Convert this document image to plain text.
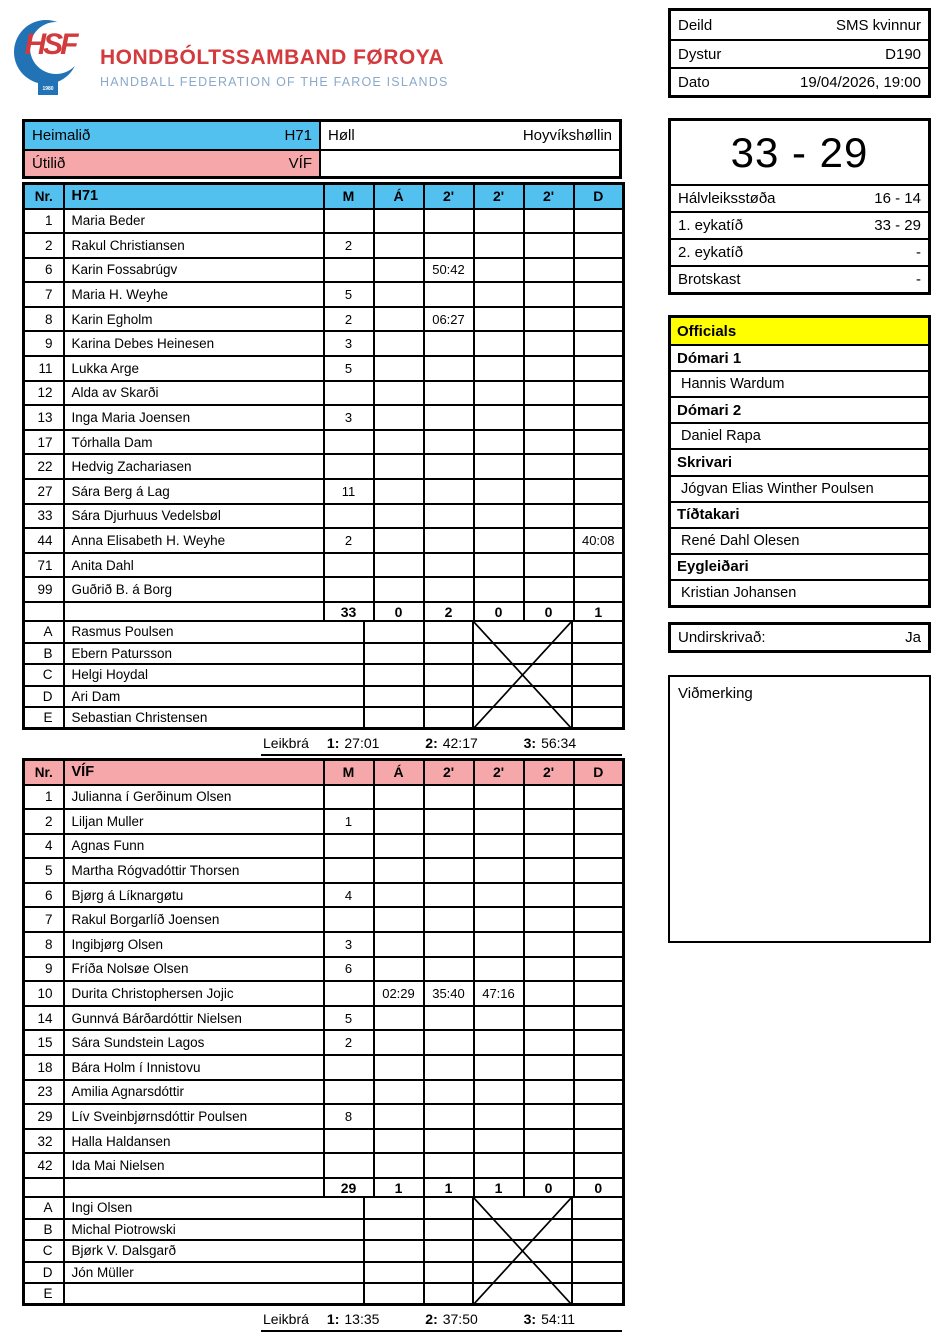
HSF
1980
HONDBÓLTSSAMBAND FØROYA
HANDBALL FEDERATION OF THE FAROE ISLANDS
Deild	SMS kvinnur
Dystur	D190
Dato	19/04/2026, 19:00
Heimalið	H71 Høll	Hoyvíkshøllin
Útilið	VÍF	33 - 29
Hálvleiksstøða	16 - 14
1. eykatíð	33 - 29
2. eykatíð	-
Brotskast	-
Officials
Dómari 1
Hannis Wardum
Dómari 2
Daniel Rapa
Skrivari
Jógvan Elias Winther Poulsen
Tíðtakari
René Dahl Olesen
Eygleiðari
Kristian Johansen
Undirskrivað:	Ja
Viðmerking
Nr.	H71	M	Á	2'	2'	2'	D
1	Maria Beder						
2	Rakul Christiansen	2					
6	Karin Fossabrúgv			50:42			
7	Maria H. Weyhe	5					
8	Karin Egholm	2		06:27			
9	Karina Debes Heinesen	3					
11	Lukka Arge	5					
12	Alda av Skarði						
13	Inga Maria Joensen	3					
17	Tórhalla Dam						
22	Hedvig Zachariasen						
27	Sára Berg á Lag	11					
33	Sára Djurhuus Vedelsbøl						
44	Anna Elisabeth H. Weyhe	2					40:08
71	Anita Dahl						
99	Guðrið B. á Borg						
		33	0	2	0	0	1
A	Rasmus Poulsen				
B	Ebern Patursson				
C	Helgi Hoydal				
D	Ari Dam				
E	Sebastian Christensen				
Leikbrá 1: 27:01	2: 42:17	3: 56:34
Nr.	VÍF	M	Á	2'	2'	2'	D
1	Julianna í Gerðinum Olsen						
2	Liljan Muller	1					
4	Agnas Funn						
5	Martha Rógvadóttir Thorsen						
6	Bjørg á Líknargøtu	4					
7	Rakul Borgarlíð Joensen						
8	Ingibjørg Olsen	3					
9	Fríða Nolsøe Olsen	6					
10	Durita Christophersen Jojic		02:29	35:40	47:16		
14	Gunnvá Bárðardóttir Nielsen	5					
15	Sára Sundstein Lagos	2					
18	Bára Holm í Innistovu						
23	Amilia Agnarsdóttir						
29	Lív Sveinbjørnsdóttir Poulsen	8					
32	Halla Haldansen						
42	Ida Mai Nielsen						
		29	1	1	1	0	0
A	Ingi Olsen				
B	Michal Piotrowski				
C	Bjørk V. Dalsgarð				
D	Jón Müller				
E					
Leikbrá 1: 13:35	2: 37:50	3: 54:11
